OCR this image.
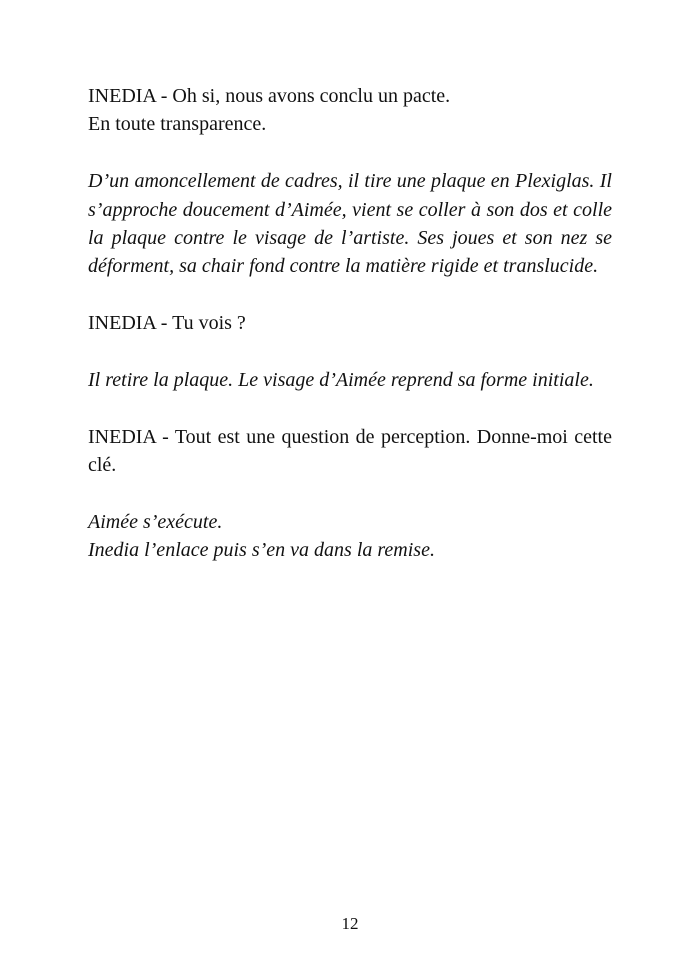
INEDIA - Oh si, nous avons conclu un pacte.
En toute transparence.

D’un amoncellement de cadres, il tire une plaque en Plexiglas. Il s’approche doucement d’Aimée, vient se coller à son dos et colle la plaque contre le visage de l’artiste. Ses joues et son nez se déforment, sa chair fond contre la matière rigide et translucide.

INEDIA - Tu vois ?

Il retire la plaque. Le visage d’Aimée reprend sa forme initiale.

INEDIA - Tout est une question de perception. Donne-moi cette clé.

Aimée s’exécute.
Inedia l’enlace puis s’en va dans la remise.

12
